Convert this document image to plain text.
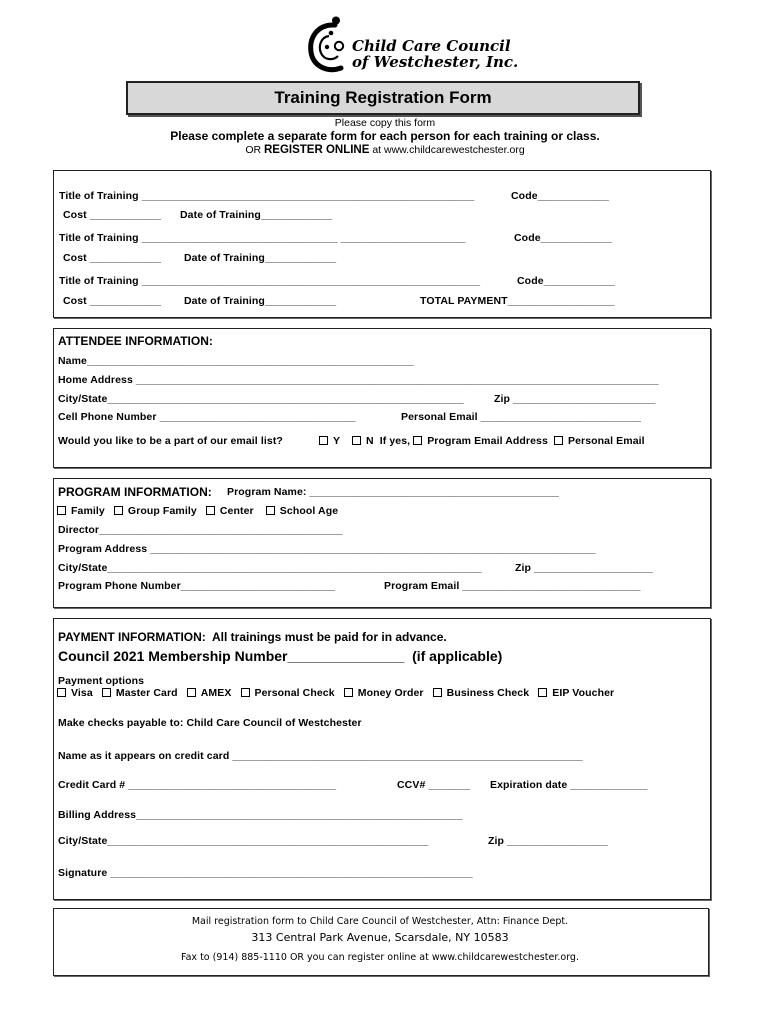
Child Care Council
of Westchester, Inc.
Training Registration Form
Please copy this form
Please complete a separate form for each person for each training or class.
OR REGISTER ONLINE at www.childcarewestchester.org
Title of Training ________________________________________________________	Code____________
Cost ____________ Date of Training____________
Title of Training _________________________________ _____________________	Code____________
Cost ____________ Date of Training____________
Title of Training _________________________________________________________	Code____________
Cost ____________ Date of Training____________	TOTAL PAYMENT__________________
ATTENDEE INFORMATION:
Name_______________________________________________________
Home Address ________________________________________________________________________________________
City/State____________________________________________________________	Zip ________________________
Cell Phone Number _________________________________	Personal Email ___________________________
Would you like to be a part of our email list?	Y N If yes, Program Email Address Personal Email
PROGRAM INFORMATION: Program Name: __________________________________________
Family Group Family Center School Age
Director_________________________________________
Program Address ___________________________________________________________________________
City/State_______________________________________________________________	Zip ____________________
Program Phone Number__________________________	Program Email ______________________________
PAYMENT INFORMATION: All trainings must be paid for in advance.
Council 2021 Membership Number_______________ (if applicable)
Payment options
Visa Master Card AMEX Personal Check Money Order Business Check EIP Voucher
Make checks payable to: Child Care Council of Westchester
Name as it appears on credit card ___________________________________________________________
Credit Card # ___________________________________	CCV# _______ Expiration date _____________
Billing Address_______________________________________________________
City/State______________________________________________________	Zip _________________
Signature _____________________________________________________________
Mail registration form to Child Care Council of Westchester, Attn: Finance Dept.
313 Central Park Avenue, Scarsdale, NY 10583
Fax to (914) 885-1110 OR you can register online at www.childcarewestchester.org.
